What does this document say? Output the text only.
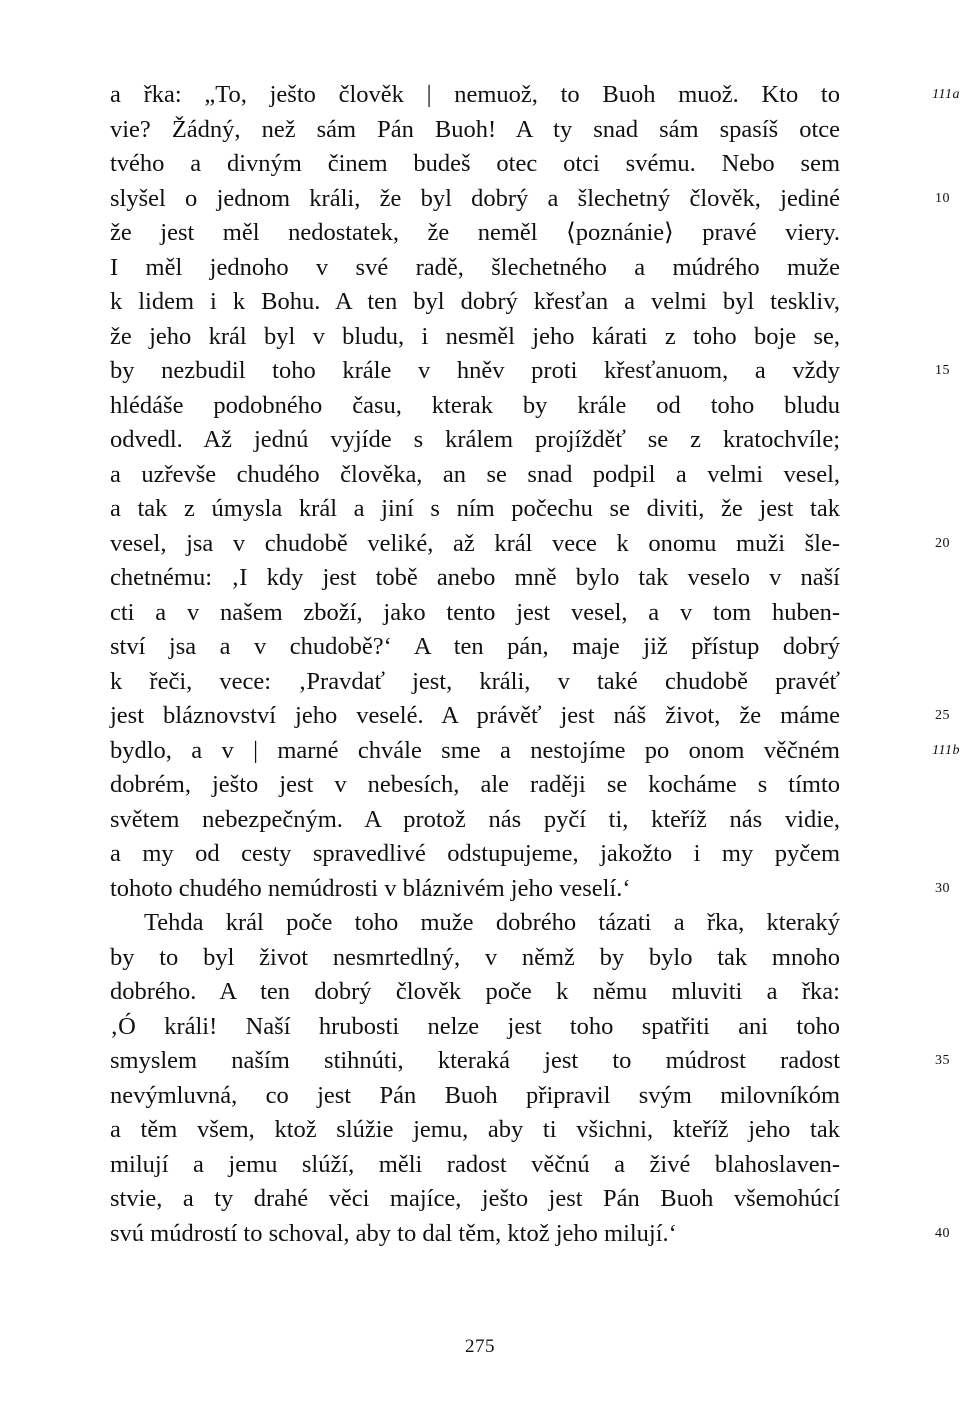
a řka: „To, ješto člověk | nemuož, to Buoh muož. Kto to	111a
vie? Žádný, než sám Pán Buoh! A ty snad sám spasíš otce
tvého a divným činem budeš otec otci svému. Nebo sem
slyšel o jednom králi, že byl dobrý a šlechetný člověk, jediné	10
že jest měl nedostatek, že neměl ⟨poznánie⟩ pravé viery.
I měl jednoho v své radě, šlechetného a múdrého muže
k lidem i k Bohu. A ten byl dobrý křesťan a velmi byl teskliv,
že jeho král byl v bludu, i nesměl jeho kárati z toho boje se,
by nezbudil toho krále v hněv proti křesťanuom, a vždy	15
hlédáše podobného času, kterak by krále od toho bludu
odvedl. Až jednú vyjíde s králem projížděť se z kratochvíle;
a uzřevše chudého člověka, an se snad podpil a velmi vesel,
a tak z úmysla král a jiní s ním počechu se diviti, že jest tak
vesel, jsa v chudobě veliké, až král vece k onomu muži šle-	20
chetnému: ‚I kdy jest tobě anebo mně bylo tak veselo v naší
cti a v našem zboží, jako tento jest vesel, a v tom huben-
ství jsa a v chudobě?‘ A ten pán, maje již přístup dobrý
k řeči, vece: ‚Pravdať jest, králi, v také chudobě pravéť
jest bláznovství jeho veselé. A právěť jest náš život, že máme	25
bydlo, a v | marné chvále sme a nestojíme po onom věčném	111b
dobrém, ješto jest v nebesích, ale raději se kocháme s tímto
světem nebezpečným. A protož nás pyčí ti, kteříž nás vidie,
a my od cesty spravedlivé odstupujeme, jakožto i my pyčem
tohoto chudého nemúdrosti v bláznivém jeho veselí.‘	30
Tehda král poče toho muže dobrého tázati a řka, kteraký
by to byl život nesmrtedlný, v němž by bylo tak mnoho
dobrého. A ten dobrý člověk poče k němu mluviti a řka:
‚Ó králi! Naší hrubosti nelze jest toho spatřiti ani toho
smyslem naším stihnúti, kteraká jest to múdrost radost	35
nevýmluvná, co jest Pán Buoh připravil svým milovníkóm
a těm všem, ktož slúžie jemu, aby ti všichni, kteříž jeho tak
milují a jemu slúží, měli radost věčnú a živé blahoslaven-
stvie, a ty drahé věci majíce, ješto jest Pán Buoh všemohúcí
svú múdrostí to schoval, aby to dal těm, ktož jeho milují.‘	40
275
